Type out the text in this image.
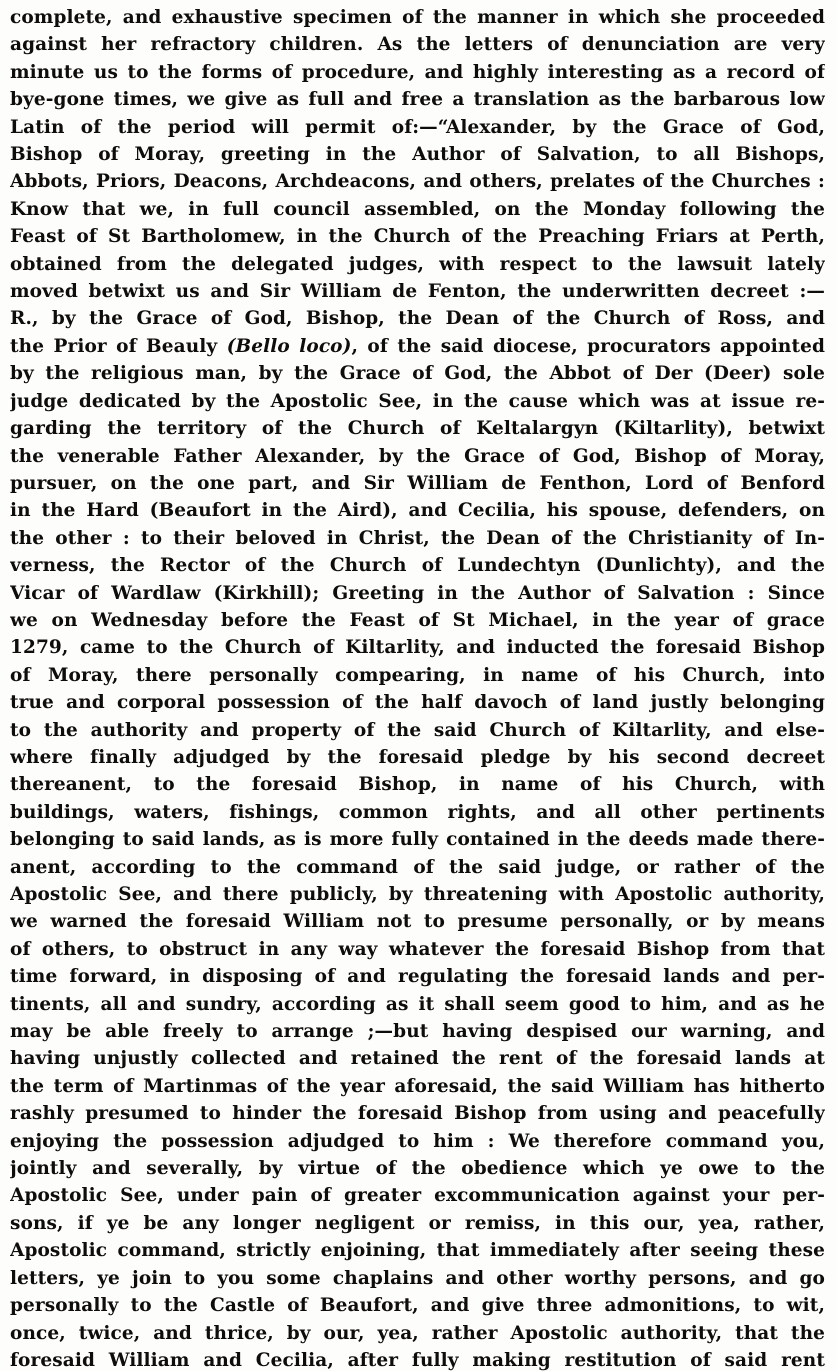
complete, and exhaustive specimen of the manner in which she proceeded
against her refractory children. As the letters of denunciation are very
minute us to the forms of procedure, and highly interesting as a record of
bye-gone times, we give as full and free a translation as the barbarous low
Latin of the period will permit of:—“Alexander, by the Grace of God,
Bishop of Moray, greeting in the Author of Salvation, to all Bishops,
Abbots, Priors, Deacons, Archdeacons, and others, prelates of the Churches :
Know that we, in full council assembled, on the Monday following the
Feast of St Bartholomew, in the Church of the Preaching Friars at Perth,
obtained from the delegated judges, with respect to the lawsuit lately
moved betwixt us and Sir William de Fenton, the underwritten decreet :—
R., by the Grace of God, Bishop, the Dean of the Church of Ross, and
the Prior of Beauly (Bello loco), of the said diocese, procurators appointed
by the religious man, by the Grace of God, the Abbot of Der (Deer) sole
judge dedicated by the Apostolic See, in the cause which was at issue re-
garding the territory of the Church of Keltalargyn (Kiltarlity), betwixt
the venerable Father Alexander, by the Grace of God, Bishop of Moray,
pursuer, on the one part, and Sir William de Fenthon, Lord of Benford
in the Hard (Beaufort in the Aird), and Cecilia, his spouse, defenders, on
the other : to their beloved in Christ, the Dean of the Christianity of In-
verness, the Rector of the Church of Lundechtyn (Dunlichty), and the
Vicar of Wardlaw (Kirkhill); Greeting in the Author of Salvation : Since
we on Wednesday before the Feast of St Michael, in the year of grace
1279, came to the Church of Kiltarlity, and inducted the foresaid Bishop
of Moray, there personally compearing, in name of his Church, into
true and corporal possession of the half davoch of land justly belonging
to the authority and property of the said Church of Kiltarlity, and else-
where finally adjudged by the foresaid pledge by his second decreet
thereanent, to the foresaid Bishop, in name of his Church, with
buildings, waters, fishings, common rights, and all other pertinents
belonging to said lands, as is more fully contained in the deeds made there-
anent, according to the command of the said judge, or rather of the
Apostolic See, and there publicly, by threatening with Apostolic authority,
we warned the foresaid William not to presume personally, or by means
of others, to obstruct in any way whatever the foresaid Bishop from that
time forward, in disposing of and regulating the foresaid lands and per-
tinents, all and sundry, according as it shall seem good to him, and as he
may be able freely to arrange ;—but having despised our warning, and
having unjustly collected and retained the rent of the foresaid lands at
the term of Martinmas of the year aforesaid, the said William has hitherto
rashly presumed to hinder the foresaid Bishop from using and peacefully
enjoying the possession adjudged to him : We therefore command you,
jointly and severally, by virtue of the obedience which ye owe to the
Apostolic See, under pain of greater excommunication against your per-
sons, if ye be any longer negligent or remiss, in this our, yea, rather,
Apostolic command, strictly enjoining, that immediately after seeing these
letters, ye join to you some chaplains and other worthy persons, and go
personally to the Castle of Beaufort, and give three admonitions, to wit,
once, twice, and thrice, by our, yea, rather Apostolic authority, that the
foresaid William and Cecilia, after fully making restitution of said rent
